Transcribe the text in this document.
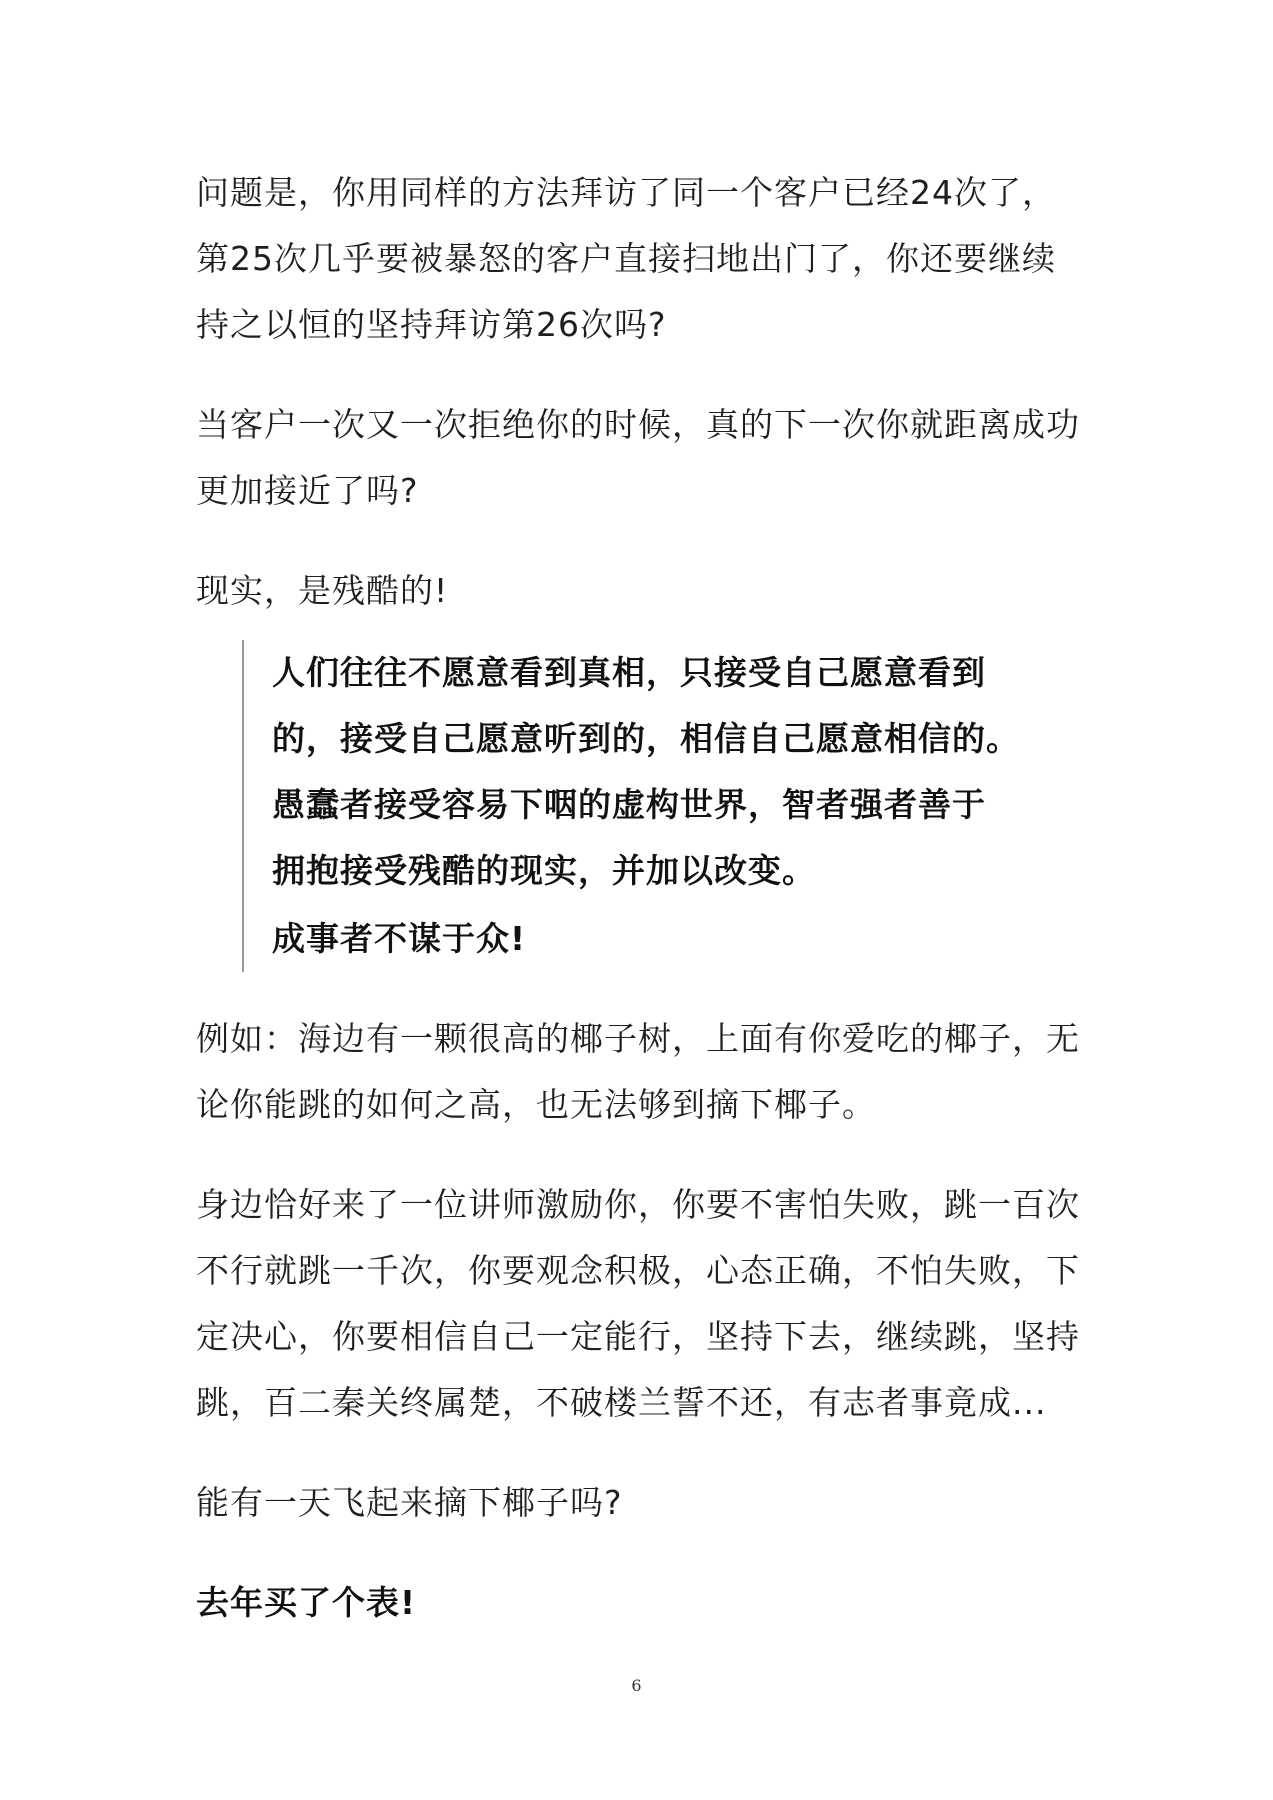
问题是，你用同样的方法拜访了同一个客户已经24次了，

第25次几乎要被暴怒的客户直接扫地出门了，你还要继续

持之以恒的坚持拜访第26次吗?

当客户一次又一次拒绝你的时候，真的下一次你就距离成功

更加接近了吗?

现实，是残酷的!

人们往往不愿意看到真相，只接受自己愿意看到
的，接受自己愿意听到的，相信自己愿意相信的。
愚蠢者接受容易下咽的虚构世界，智者强者善于
拥抱接受残酷的现实，并加以改变。
成事者不谋于众!

例如：海边有一颗很高的椰子树，上面有你爱吃的椰子，无

论你能跳的如何之高，也无法够到摘下椰子。

身边恰好来了一位讲师激励你，你要不害怕失败，跳一百次

不行就跳一千次，你要观念积极，心态正确，不怕失败，下

定决心，你要相信自己一定能行，坚持下去，继续跳，坚持

跳，百二秦关终属楚，不破楼兰誓不还，有志者事竟成...

能有一天飞起来摘下椰子吗?

去年买了个表!

6
